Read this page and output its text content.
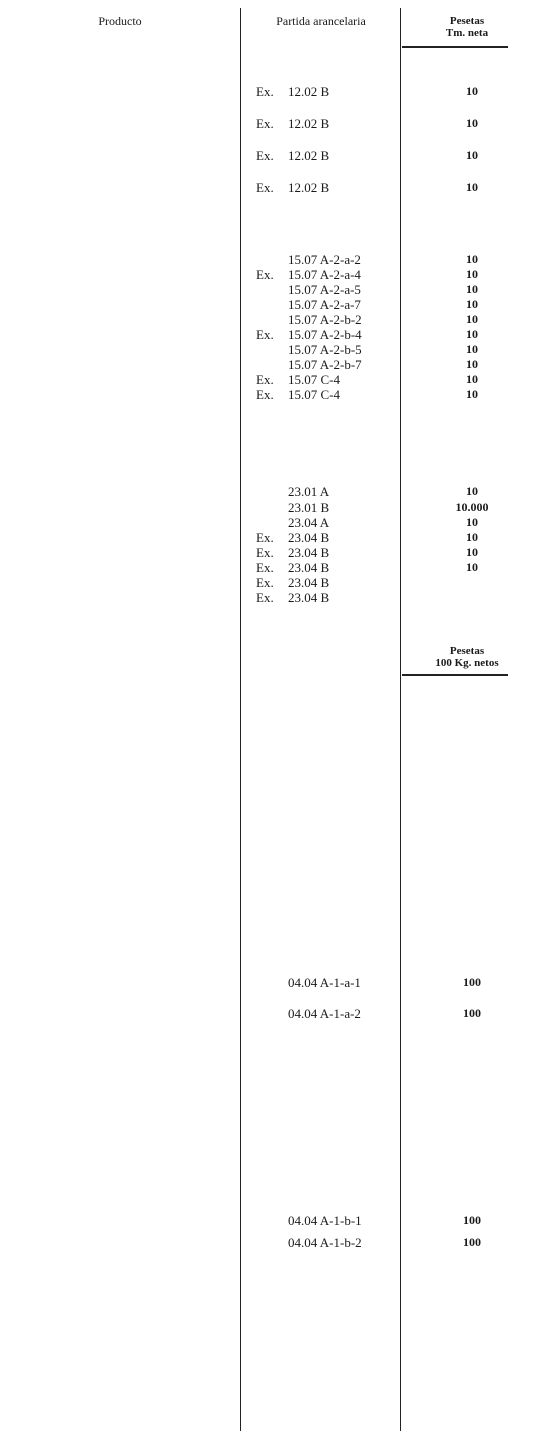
Producto	Partida arancelaria	Pesetas
Tm. neta
Pesetas
100 Kg. netos
Ex. 12.02 B	10
Ex. 12.02 B	10
Ex. 12.02 B	10
Ex. 12.02 B	10
15.07 A-2-a-2	10
Ex. 15.07 A-2-a-4	10
15.07 A-2-a-5	10
15.07 A-2-a-7	10
15.07 A-2-b-2	10
Ex. 15.07 A-2-b-4	10
15.07 A-2-b-5	10
15.07 A-2-b-7	10
Ex. 15.07 C-4	10
Ex. 15.07 C-4	10
23.01 A	10
23.01 B	10.000
23.04 A	10
Ex. 23.04 B	10
Ex. 23.04 B	10
Ex. 23.04 B	10
Ex. 23.04 B
Ex. 23.04 B
04.04 A-1-a-1	100
04.04 A-1-a-2	100
04.04 A-1-b-1	100
04.04 A-1-b-2	100
